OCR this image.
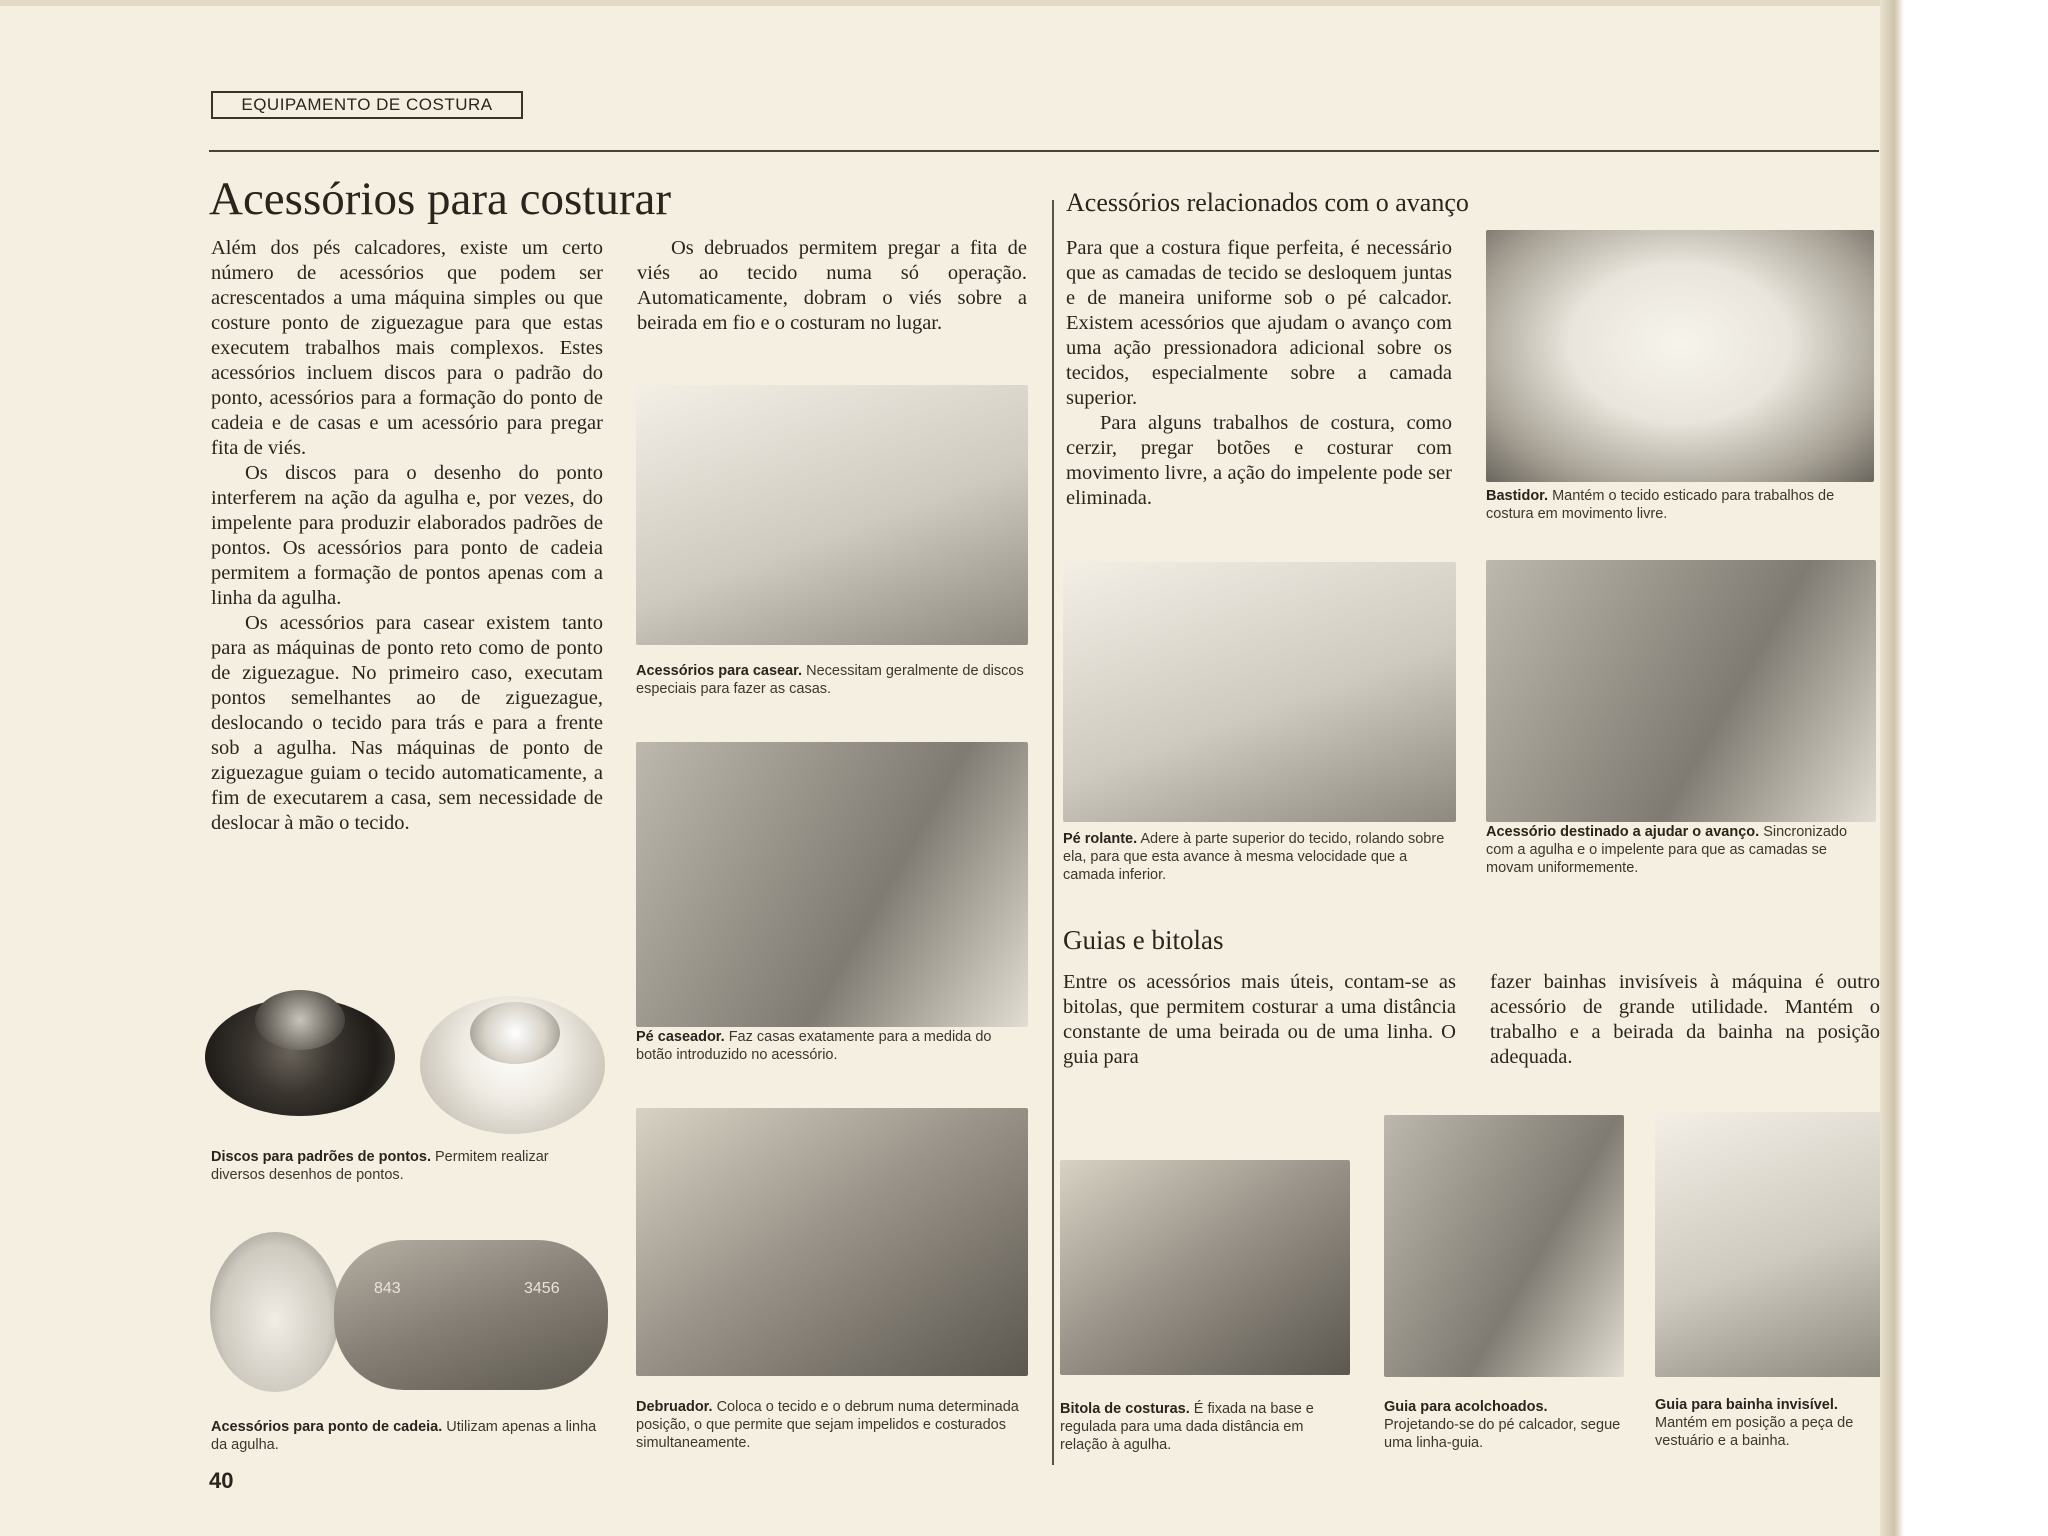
EQUIPAMENTO DE COSTURA
Acessórios para costurar

Além dos pés calcadores, existe um certo número de acessórios que podem ser acrescentados a uma máquina simples ou que costure ponto de ziguezague para que estas executem trabalhos mais complexos. Estes acessórios incluem discos para o padrão do ponto, acessórios para a formação do ponto de cadeia e de casas e um acessório para pregar fita de viés.

Os discos para o desenho do ponto interferem na ação da agulha e, por vezes, do impelente para produzir elaborados padrões de pontos. Os acessórios para ponto de cadeia permitem a formação de pontos apenas com a linha da agulha.

Os acessórios para casear existem tanto para as máquinas de ponto reto como de ponto de ziguezague. No primeiro caso, executam pontos semelhantes ao de ziguezague, deslocando o tecido para trás e para a frente sob a agulha. Nas máquinas de ponto de ziguezague guiam o tecido automaticamente, a fim de executarem a casa, sem necessidade de deslocar à mão o tecido.

Discos para padrões de pontos. Permitem realizar diversos desenhos de pontos.
843	3456
Acessórios para ponto de cadeia. Utilizam apenas a linha da agulha.
40

Os debruados permitem pregar a fita de viés ao tecido numa só operação. Automaticamente, dobram o viés sobre a beirada em fio e o costuram no lugar.

Acessórios para casear. Necessitam geralmente de discos especiais para fazer as casas.
Pé caseador. Faz casas exatamente para a medida do botão introduzido no acessório.
Debruador. Coloca o tecido e o debrum numa determinada posição, o que permite que sejam impelidos e costurados simultaneamente.
Acessórios relacionados com o avanço

Para que a costura fique perfeita, é necessário que as camadas de tecido se desloquem juntas e de maneira uniforme sob o pé calcador. Existem acessórios que ajudam o avanço com uma ação pressionadora adicional sobre os tecidos, especialmente sobre a camada superior.

Para alguns trabalhos de costura, como cerzir, pregar botões e costurar com movimento livre, a ação do impelente pode ser eliminada.	Bastidor. Mantém o tecido esticado para trabalhos de costura em movimento livre.
Pé rolante. Adere à parte superior do tecido, rolando sobre ela, para que esta avance à mesma velocidade que a camada inferior.
Acessório destinado a ajudar o avanço. Sincronizado com a agulha e o impelente para que as camadas se movam uniformemente.
Guias e bitolas

Entre os acessórios mais úteis, contam-se as bitolas, que permitem costurar a uma distância constante de uma beirada ou de uma linha. O guia para

fazer bainhas invisíveis à máquina é outro acessório de grande utilidade. Mantém o trabalho e a beirada da bainha na posição adequada.

Bitola de costuras. É fixada na base e regulada para uma dada distância em relação à agulha.
Guia para acolchoados. Projetando-se do pé calcador, segue uma linha-guia.
Guia para bainha invisível. Mantém em posição a peça de vestuário e a bainha.
